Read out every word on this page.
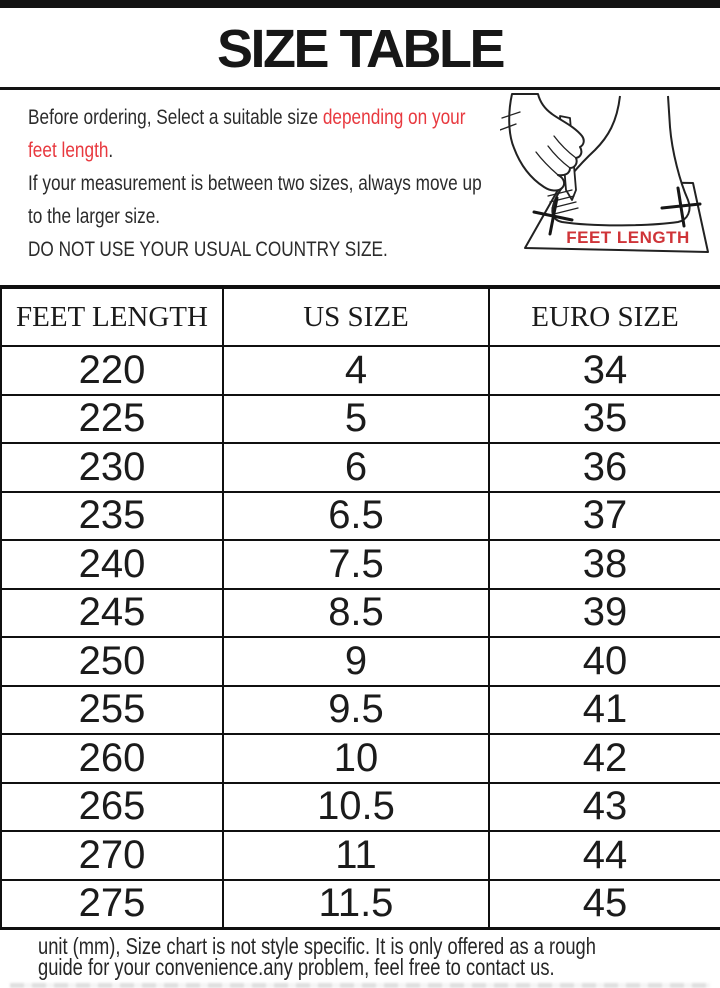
SIZE TABLE
Before ordering, Select a suitable size depending on your
feet length.
If your measurement is between two sizes, always move up
to the larger size.
DO NOT USE YOUR USUAL COUNTRY SIZE.
FEET LENGTH
FEET LENGTH	US SIZE	EURO SIZE
220	4	34
225	5	35
230	6	36
235	6.5	37
240	7.5	38
245	8.5	39
250	9	40
255	9.5	41
260	10	42
265	10.5	43
270	11	44
275	11.5	45
unit (mm), Size chart is not style specific. It is only offered as a rough
guide for your convenience.any problem, feel free to contact us.
